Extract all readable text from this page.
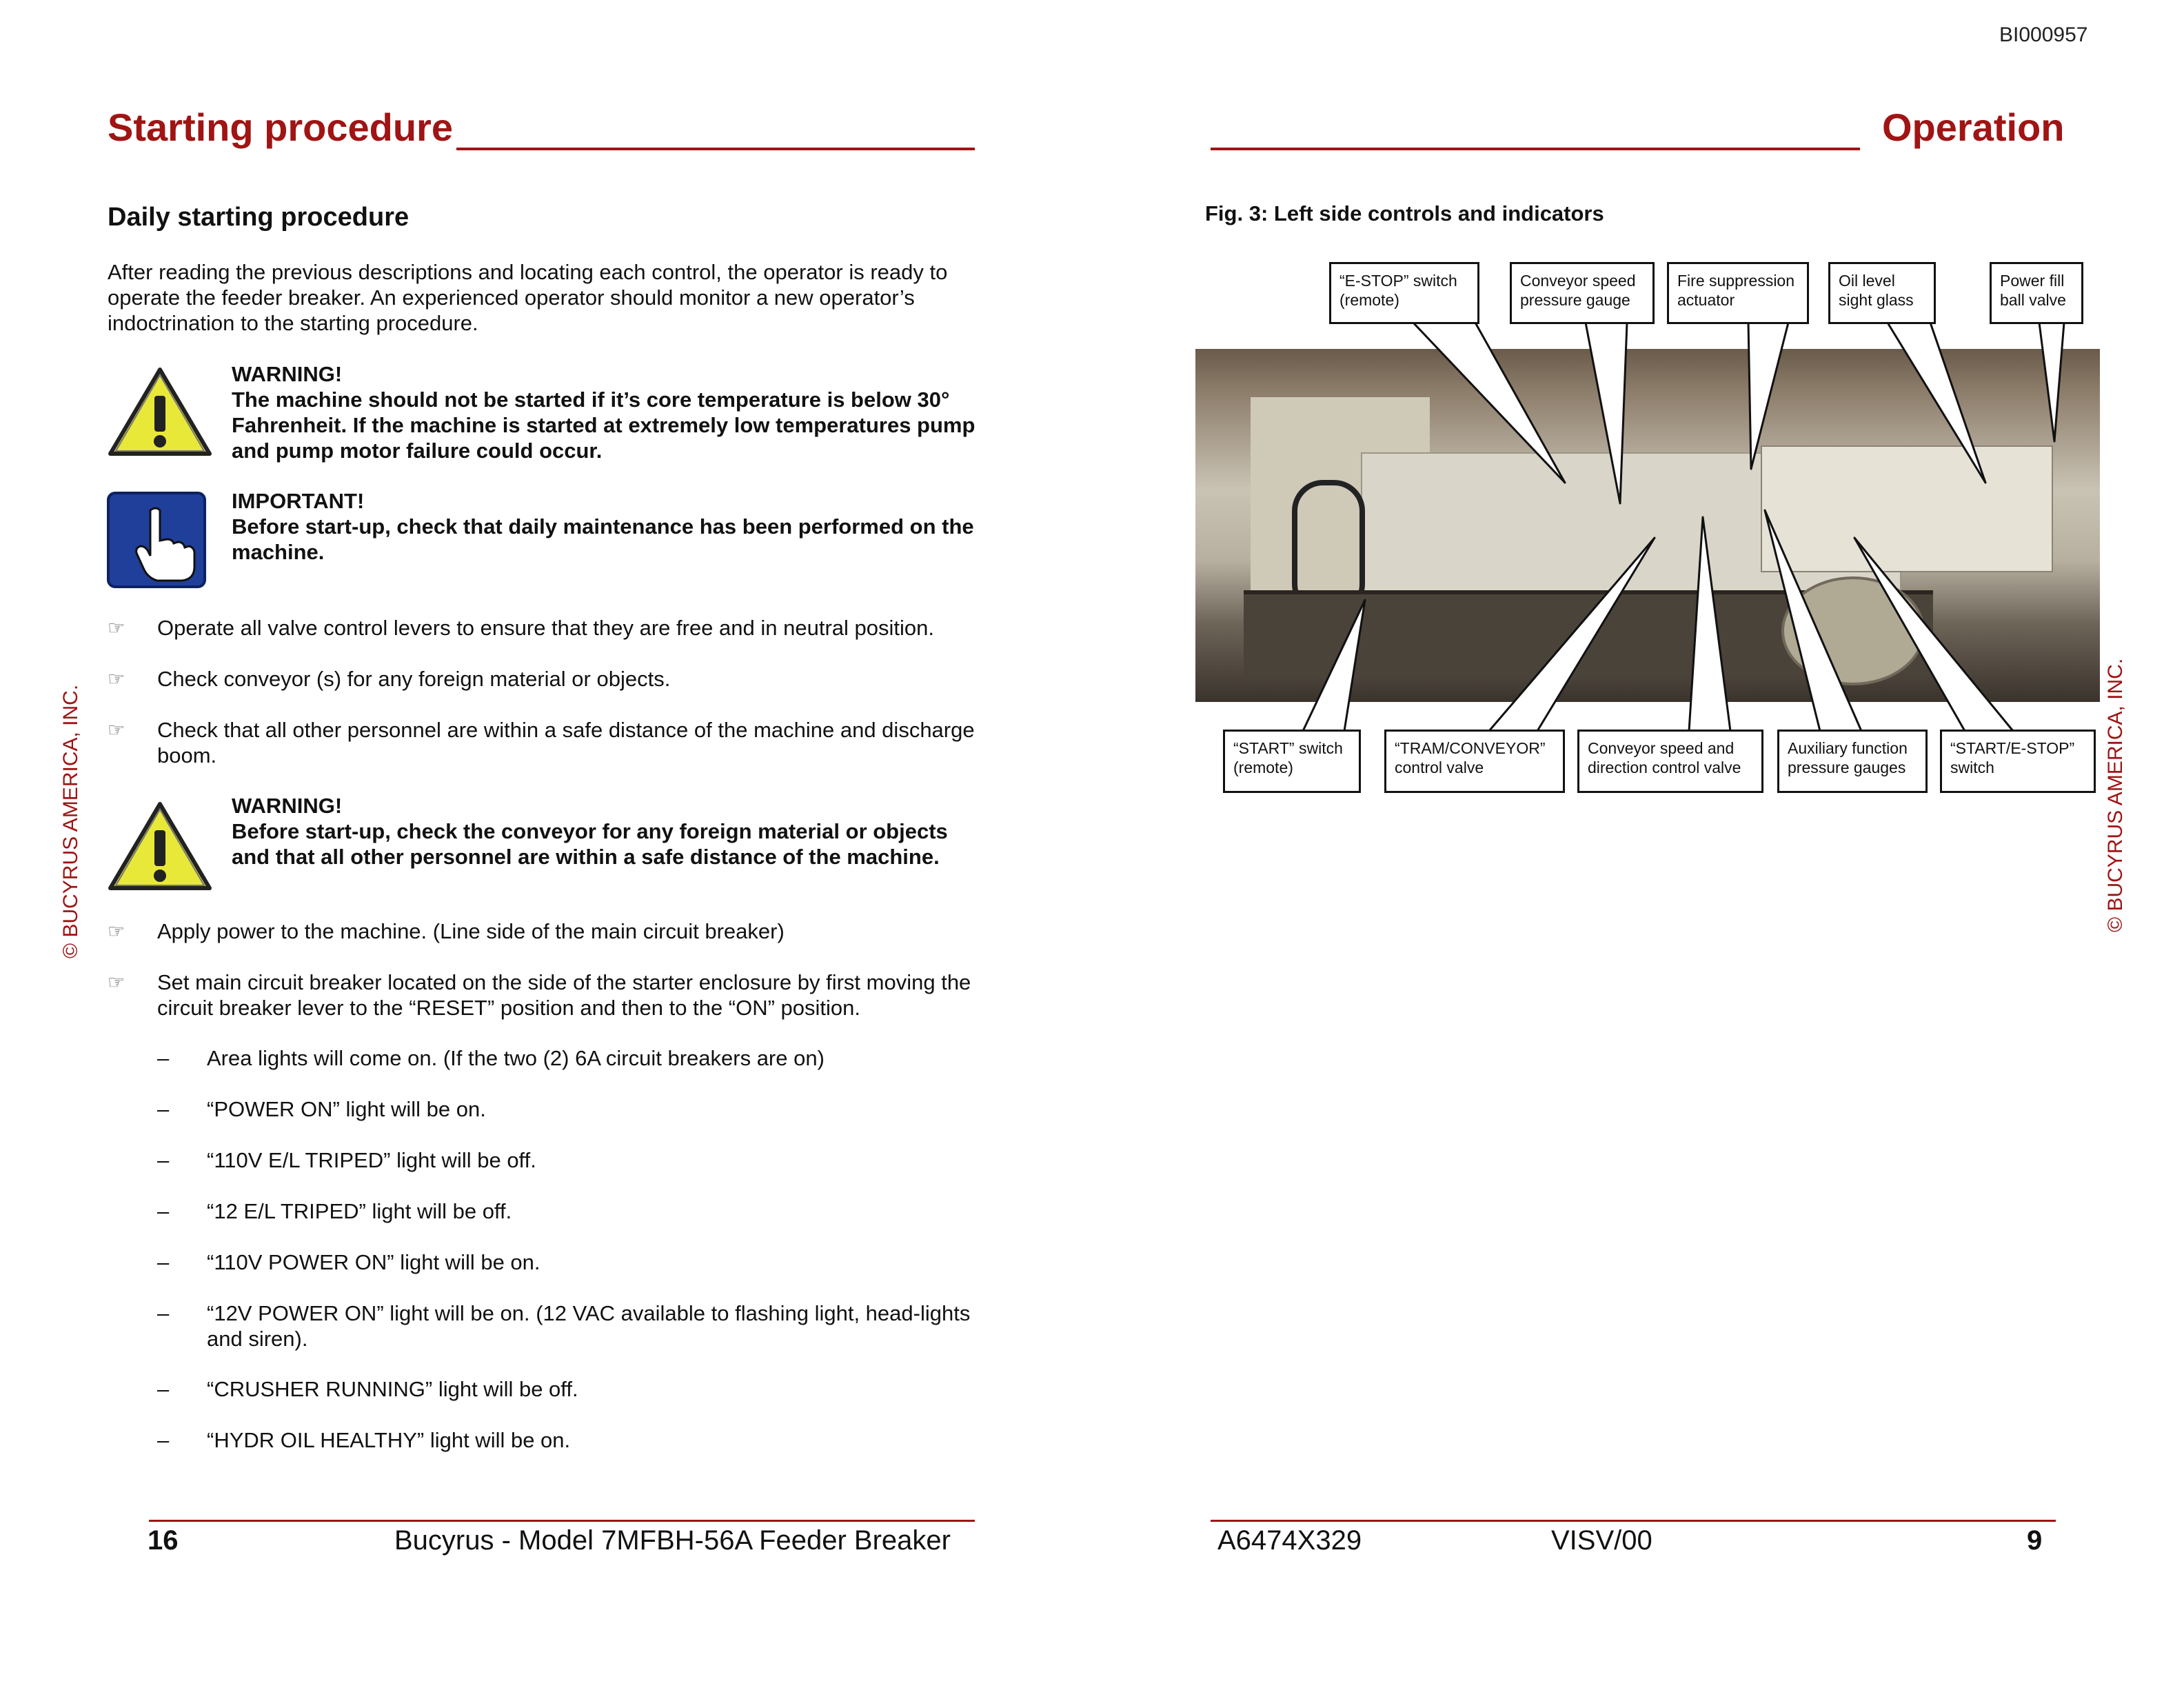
BI000957
Starting procedure
Daily starting procedure
After reading the previous descriptions and locating each control, the operator is ready to operate the feeder breaker. An experienced operator should monitor a new operator’s indoctrination to the starting procedure.
WARNING!
The machine should not be started if it’s core temperature is below 30° Fahrenheit. If the machine is started at extremely low temperatures pump and pump motor failure could occur.
IMPORTANT!
Before start-up, check that daily maintenance has been performed on the machine.
☞ Operate all valve control levers to ensure that they are free and in neutral position.
☞ Check conveyor (s) for any foreign material or objects.
☞ Check that all other personnel are within a safe distance of the machine and discharge boom.
WARNING!
Before start-up, check the conveyor for any foreign material or objects and that all other personnel are within a safe distance of the machine.
☞ Apply power to the machine. (Line side of the main circuit breaker)
☞ Set main circuit breaker located on the side of the starter enclosure by first moving the circuit breaker lever to the “RESET” position and then to the “ON” position.
– Area lights will come on. (If the two (2) 6A circuit breakers are on)
– “POWER ON” light will be on.
– “110V E/L TRIPED” light will be off.
– “12 E/L TRIPED” light will be off.
– “110V POWER ON” light will be on.
– “12V POWER ON” light will be on. (12 VAC available to flashing light, head-lights and siren).
– “CRUSHER RUNNING” light will be off.
– “HYDR OIL HEALTHY” light will be on.
© BUCYRUS AMERICA, INC.
16	Bucyrus - Model 7MFBH-56A Feeder Breaker
Operation
Fig. 3: Left side controls and indicators
“E-STOP” switch (remote)
Conveyor speed pressure gauge
Fire suppression actuator
Oil level sight glass
Power fill ball valve
“START” switch (remote)
“TRAM/CONVEYOR” control valve
Conveyor speed and direction control valve
Auxiliary function pressure gauges
“START/E-STOP” switch	© BUCYRUS AMERICA, INC.
A6474X329	VISV/00	9
